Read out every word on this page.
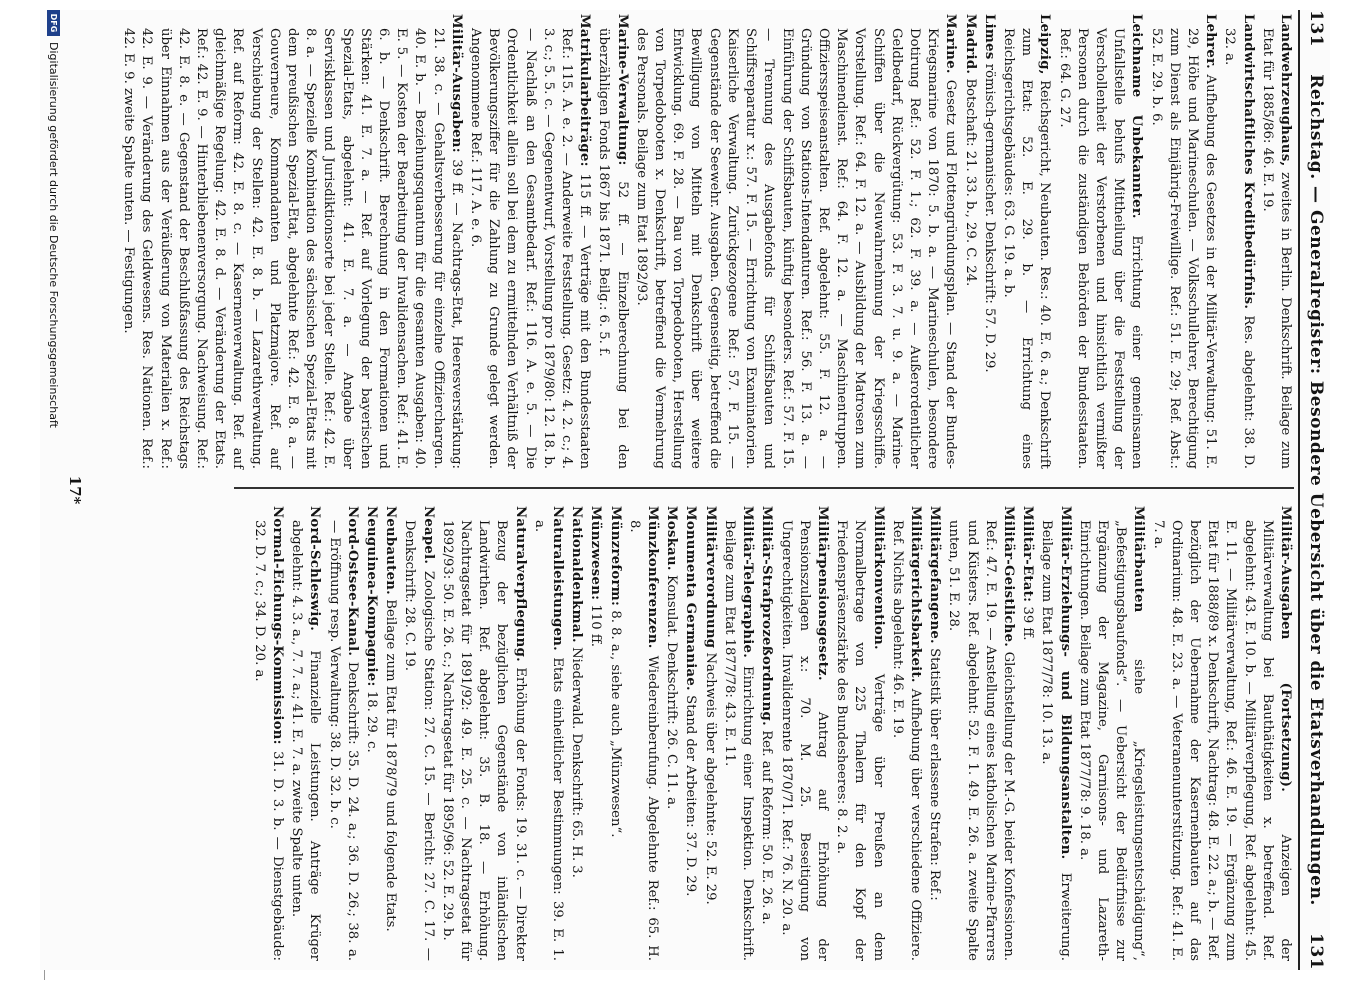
131
Reichstag. — Generalregister: Besondere Uebersicht über die Etatsverhandlungen.
131

Landwehrzeughaus, zweites in Berlin. Denkschrift. Beilage zum Etat für 1885/86: 46. E. 19.

Landwirtschaftliches Kreditbedürfnis. Res. abgelehnt: 38. D. 32. a.

Lehrer. Aufhebung des Gesetzes in der Militär-Verwaltung: 51. E. 29, Höhe und Marineschulen. — Volksschullehrer, Berechtigung zum Dienst als Einjährig-Freiwillige. Ref.: 51. E. 29; Ref. Abst.: 52. E. 29. b. 6.

Leichname Unbekannter. Errichtung einer gemeinsamen Unfallstelle behufs Mittheilung über die Feststellung der Verschollenheit der Verstorbenen und hinsichtlich vermißter Personen durch die zuständigen Behörden der Bundesstaaten. Ref.: 64. G. 27.

Leipzig, Reichsgericht, Neubauten. Res.: 40. E. 6. a.; Denkschrift zum Etat: 52. E. 29. b. — Errichtung eines Reichsgerichtsgebäudes: 63. G. 19. a. b.

Limes römisch-germanischer. Denkschrift: 57. D. 29.

Madrid. Botschaft: 21. 33. b., 29. C. 24.

Marine. Gesetz und Flottengründungsplan. — Stand der Bundes-Kriegsmarine von 1870: 5. b. a. — Marineschulen, besondere Dotirung Ref.: 52. F. 1.; 62. F. 39. a. — Außerordentlicher Geldbedarf, Rückvergütung: 53. F. 3. 7. u. 9. a. — Marine-Schiffen über die Neuwahrnehmung der Kriegsschiffe. Vorstellung. Ref.: 64. F. 12. a. — Ausbildung der Matrosen zum Maschinendienst. Ref.: 64. F. 12. a. — Maschinentruppen. Offiziersspeiseanstalten. Ref. abgelehnt: 55. F. 12. a. — Gründung von Stations-Intendanturen. Ref.: 56. F. 13. a. — Einführung der Schiffsbauten, künftig besonders. Ref.: 57. F. 15. — Trennung des Ausgabefonds für Schiffsbauten und Schiffsreparatur x.: 57. F. 15. — Errichtung von Examinatorien. Kaiserliche Verwaltung. Zurückgezogene Ref.: 57. F. 15. — Gegenstände der Seewehr. Ausgaben. Gegenseitig, betreffend die Bewilligung von Mitteln mit Denkschrift über weitere Entwicklung. 69. F. 28. — Bau von Torpedobooten, Herstellung von Torpedobooten x. Denkschrift, betreffend die Vermehrung des Personals. Beilage zum Etat 1892/93.

Marine-Verwaltung: 52 ff. — Einzelberechnung bei den überzähligen Fonds 1867 bis 1871. Beilg.: 6. 5. f.

Matrikularbeiträge: 115 ff. — Verträge mit den Bundesstaaten Ref.: 115. A. e. 2. — Anderweite Feststellung. Gesetz: 4. 2. c.; 4. 3. c.; 5. 5. c. — Gegenentwurf, Vorstellung pro 1879/80: 12. 18. b. — Nachlaß an den Gesamtbedarf. Ref.: 116. A. e. 5. — Die Ordentlichkeit allein soll bei dem zu ermittelnden Verhältniß der Bevölkerungsziffer für die Zahlung zu Grunde gelegt werden. Angenommene Ref.: 117. A. e. 6.

Militär-Ausgaben: 39 ff. — Nachtrags-Etat, Heeresverstärkung: 21. 38. c. — Gehaltsverbesserung für einzelne Offizierchargen. 40. E. b. — Beziehungsquantum für die gesamten Ausgaben: 40. E. 5. — Kosten der Bearbeitung der Invalidensachen. Ref.: 41. E. 6. b. — Denkschrift. Berechnung in den Formationen und Stärken: 41. E. 7. a. — Ref. auf Vorlegung der bayerischen Spezial-Etats, abgelehnt: 41. E. 7. a. — Angabe über Servisklassen und Jurisdiktionsorte bei jeder Stelle. Ref.: 42. E. 8. a. — Spezielle Kombination des sächsischen Spezial-Etats mit dem preußischen Spezial-Etat, abgelehnte Ref.: 42. E. 8. a. — Gouverneure, Kommandanten und Platzmajore. Ref. auf Verschiebung der Stellen: 42. E. 8. b. — Lazarethverwaltung. Ref. auf Reform: 42. E. 8. c. — Kasernenverwaltung. Ref. auf gleichmäßige Regelung: 42. E. 8. d. — Veränderung der Etats. Ref.: 42. E. 9. — Hinterbliebenenversorgung. Nachweisung. Ref.: 42. E. 8. e. — Gegenstand der Beschlußfassung des Reichstags über Einnahmen aus der Veräußerung von Materialien x. Ref.: 42. E. 9. — Veränderung des Geldwesens. Res. Nationen. Ref.: 42. E. 9. zweite Spalte unten. — Festigungen.

Militär-Ausgaben (Fortsetzung). Anzeigen der Militärverwaltung bei Bauthätigkeiten x. betreffend. Ref. abgelehnt: 43. E. 10. b. — Militärverpflegung, Ref. abgelehnt: 45. E. 11. — Militärverwaltung, Ref.: 46. E. 19. — Ergänzung zum Etat für 1888/89 x. Denkschrift, Nachtrag: 48. E. 22. a.; b. — Ref. bezüglich der Uebernahme der Kasernenbauten auf das Ordinarium: 48. E. 23. a. — Veteranenunterstützung. Ref.: 41. E. 7. a.

Militärbauten siehe „Kriegsleistungsentschädigung“, „Befestigungsbaufonds“. — Uebersicht der Bedürfnisse zur Ergänzung der Magazine, Garnisons- und Lazareth-Einrichtungen. Beilage zum Etat 1877/78: 9. 18. a.

Militär-Erziehungs- und Bildungsanstalten. Erweiterung. Beilage zum Etat 1877/78: 10. 13. a.

Militär-Etat: 39 ff.

Militär-Geistliche. Gleichstellung der M.-G. beider Konfessionen. Ref.: 47. E. 19. — Anstellung eines katholischen Marine-Pfarrers und Küsters. Ref. abgelehnt: 52. F. 1. 49. E. 26. a. zweite Spalte unten, 51. E. 28.

Militärgefangene. Statistik über erlassene Strafen: Ref.:

Militärgerichtsbarkeit. Aufhebung über verschiedene Offiziere. Ref. Nichts abgelehnt: 46. E. 19.

Militärkonvention. Verträge über Preußen an dem Normalbetrage von 225 Thalern für den Kopf der Friedenspräsenzstärke des Bundesheeres: 8. 2. a.

Militärpensionsgesetz. Antrag auf Erhöhung der Pensionszulagen x.: 70. M. 25. Beseitigung von Ungerechtigkeiten. Invalidenrente 1870/71. Ref.: 76. N. 20. a.

Militär-Strafprozeßordnung. Ref. auf Reform: 50. E. 26. a.

Militär-Telegraphie. Einrichtung einer Inspektion. Denkschrift. Beilage zum Etat 1877/78: 43. E. 11.

Militärverordnung Nachweis über abgelehnte: 52. E. 29.

Monumenta Germaniae. Stand der Arbeiten: 37. D. 29.

Moskau. Konsulat. Denkschrift: 26. C. 11. a.

Münzkonferenzen. Wiedereinberufung. Abgelehnte Ref.: 65. H. 8.

Münzreform: 8. 8. a., siehe auch „Münzwesen“.

Münzwesen: 110 ff.

Nationaldenkmal. Niederwald. Denkschrift: 65. H. 3.

Naturalleistungen. Etats einheitlicher Bestimmungen: 39. E. 1. a.

Naturalverpflegung. Erhöhung der Fonds: 19. 31. c. — Direkter Bezug der bezüglichen Gegenstände von inländischen Landwirthen. Ref. abgelehnt: 35. B. 18. — Erhöhung. Nachtragsetat für 1891/92: 49. E. 25. c. — Nachtragsetat für 1892/93: 50. E. 26. c.; Nachtragsetat für 1895/96: 52. E. 29. b.

Neapel. Zoologische Station: 27. C. 15. — Bericht: 27. C. 17. — Denkschrift: 28. C. 19.

Neubauten. Beilage zum Etat für 1878/79 und folgende Etats.

Neuguinea-Kompagnie: 18. 29. c.

Nord-Ostsee-Kanal. Denkschrift: 35. D. 24. a.; 36. D. 26.; 38. a. — Eröffnung resp. Verwaltung: 38. D. 32. b. c.

Nord-Schleswig. Finanzielle Leistungen. Anträge Krüger abgelehnt: 4. 3. a., 7. 7. a.; 41. E. 7. a. zweite Spalte unten.

Normal-Eichungs-Kommission: 31. D. 3. b. — Dienstgebäude: 32. D. 7. c.; 34. D. 20. a.

17*
DFG
Digitalisierung gefördert durch die Deutsche Forschungsgemeinschaft
